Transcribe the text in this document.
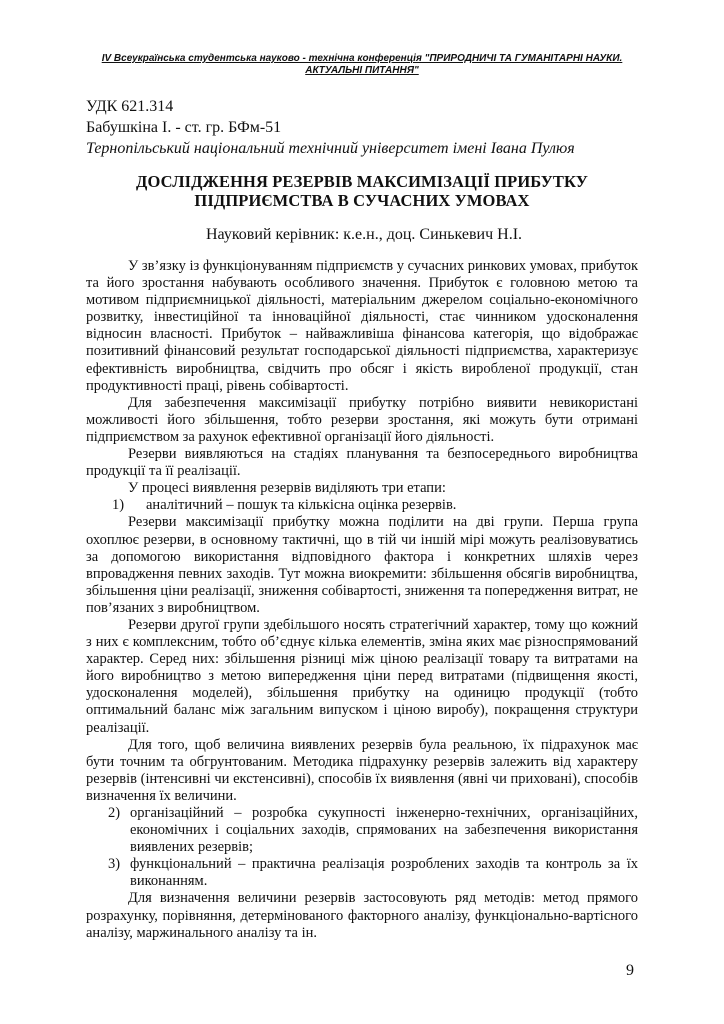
IV Всеукраїнська студентська науково - технічна конференція "ПРИРОДНИЧІ ТА ГУМАНІТАРНІ НАУКИ.
АКТУАЛЬНІ ПИТАННЯ"
УДК 621.314
Бабушкіна І. - ст. гр. БФм-51
Тернопільський національний технічний університет імені Івана Пулюя
ДОСЛІДЖЕННЯ РЕЗЕРВІВ МАКСИМІЗАЦІЇ ПРИБУТКУ
ПІДПРИЄМСТВА В СУЧАСНИХ УМОВАХ
Науковий керівник: к.е.н., доц. Синькевич Н.І.

У зв’язку із функціонуванням підприємств у сучасних ринкових умовах, прибуток та його зростання набувають особливого значення. Прибуток є головною метою та мотивом підприємницької діяльності, матеріальним джерелом соціально-економічного розвитку, інвестиційної та інноваційної діяльності, стає чинником удосконалення відносин власності. Прибуток – найважливіша фінансова категорія, що відображає позитивний фінансовий результат господарської діяльності підприємства, характеризує ефективність виробництва, свідчить про обсяг і якість виробленої продукції, стан продуктивності праці, рівень собівартості.

Для забезпечення максимізації прибутку потрібно виявити невикористані можливості його збільшення, тобто резерви зростання, які можуть бути отримані підприємством за рахунок ефективної організації його діяльності.

Резерви виявляються на стадіях планування та безпосереднього виробництва продукції та її реалізації.

У процесі виявлення резервів виділяють три етапи:

1)	аналітичний – пошук та кількісна оцінка резервів.

Резерви максимізації прибутку можна поділити на дві групи. Перша група охоплює резерви, в основному тактичні, що в тій чи іншій мірі можуть реалізовуватись за допомогою використання відповідного фактора і конкретних шляхів через впровадження певних заходів. Тут можна виокремити: збільшення обсягів виробництва, збільшення ціни реалізації, зниження собівартості, зниження та попередження витрат, не пов’язаних з виробництвом.

Резерви другої групи здебільшого носять стратегічний характер, тому що кожний з них є комплексним, тобто об’єднує кілька елементів, зміна яких має різноспрямований характер. Серед них: збільшення різниці між ціною реалізації товару та витратами на його виробництво з метою випередження ціни перед витратами (підвищення якості, удосконалення моделей), збільшення прибутку на одиницю продукції (тобто оптимальний баланс між загальним випуском і ціною виробу), покращення структури реалізації.

Для того, щоб величина виявлених резервів була реальною, їх підрахунок має бути точним та обгрунтованим. Методика підрахунку резервів залежить від характеру резервів (інтенсивні чи екстенсивні), способів їх виявлення (явні чи приховані), способів визначення їх величини.

2) організаційний – розробка сукупності інженерно-технічних, організаційних, економічних і соціальних заходів, спрямованих на забезпечення використання виявлених резервів;
3) функціональний – практична реалізація розроблених заходів та контроль за їх виконанням.

Для визначення величини резервів застосовують ряд методів: метод прямого розрахунку, порівняння, детермінованого факторного аналізу, функціонально-вартісного аналізу, маржинального аналізу та ін.

9
